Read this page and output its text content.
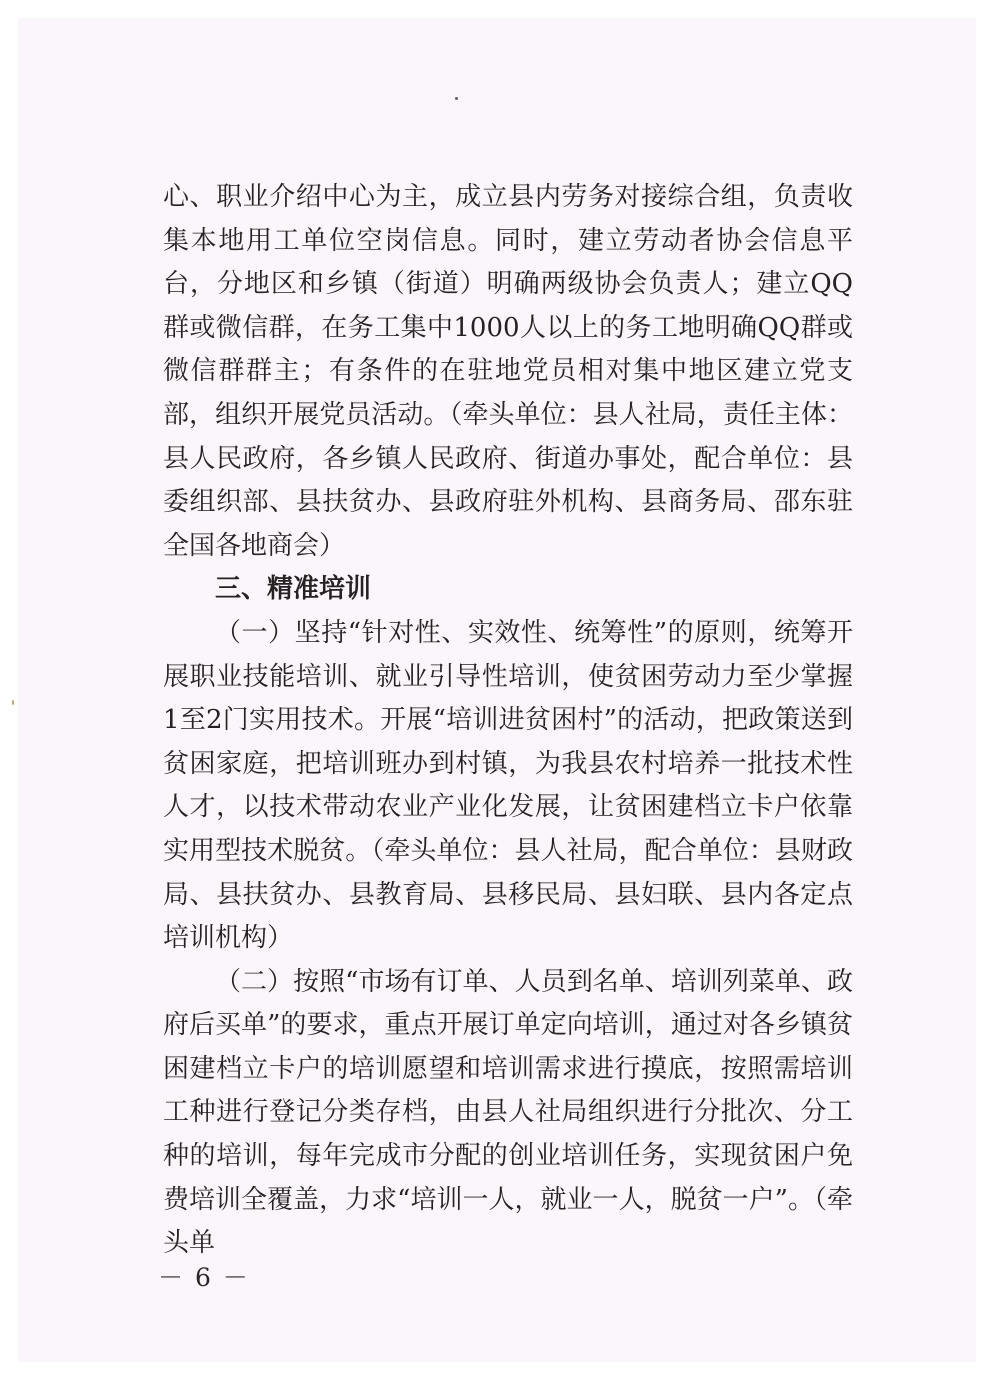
心、职业介绍中心为主，成立县内劳务对接综合组，负责收集本地用工单位空岗信息。同时，建立劳动者协会信息平台，分地区和乡镇（街道）明确两级协会负责人；建立QQ群或微信群，在务工集中1000人以上的务工地明确QQ群或微信群群主；有条件的在驻地党员相对集中地区建立党支部，组织开展党员活动。（牵头单位：县人社局，责任主体：县人民政府，各乡镇人民政府、街道办事处，配合单位：县委组织部、县扶贫办、县政府驻外机构、县商务局、邵东驻全国各地商会）

三、精准培训

（一）坚持“针对性、实效性、统筹性”的原则，统筹开展职业技能培训、就业引导性培训，使贫困劳动力至少掌握1至2门实用技术。开展“培训进贫困村”的活动，把政策送到贫困家庭，把培训班办到村镇，为我县农村培养一批技术性人才，以技术带动农业产业化发展，让贫困建档立卡户依靠实用型技术脱贫。（牵头单位：县人社局，配合单位：县财政局、县扶贫办、县教育局、县移民局、县妇联、县内各定点培训机构）

（二）按照“市场有订单、人员到名单、培训列菜单、政府后买单”的要求，重点开展订单定向培训，通过对各乡镇贫困建档立卡户的培训愿望和培训需求进行摸底，按照需培训工种进行登记分类存档，由县人社局组织进行分批次、分工种的培训，每年完成市分配的创业培训任务，实现贫困户免费培训全覆盖，力求“培训一人，就业一人，脱贫一户”。（牵头单

－ 6 －
